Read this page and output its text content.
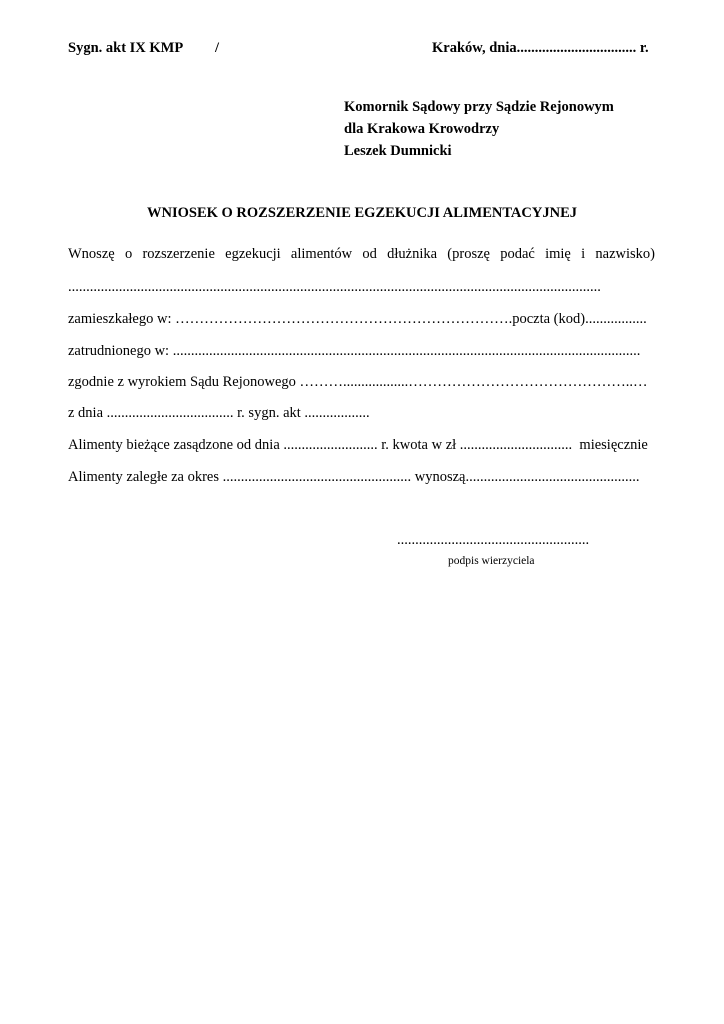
Sygn. akt IX KMP /	Kraków, dnia................................. r.
Komornik Sądowy przy Sądzie Rejonowym
dla Krakowa Krowodrzy
Leszek Dumnicki
WNIOSEK O ROZSZERZENIE EGZEKUCJI ALIMENTACYJNEJ
Wnoszę o rozszerzenie egzekucji alimentów od dłużnika (proszę podać imię i nazwisko)
...................................................................................................................................................
zamieszkałego w: …………………………………………………………….poczta (kod).................
zatrudnionego w: .................................................................................................................................
zgodnie z wyrokiem Sądu Rejonowego ………..................………………………………………..…
z dnia ................................... r. sygn. akt ..................
Alimenty bieżące zasądzone od dnia .......................... r. kwota w zł ...............................  miesięcznie
Alimenty zaległe za okres .................................................... wynoszą................................................
.....................................................
podpis wierzyciela
